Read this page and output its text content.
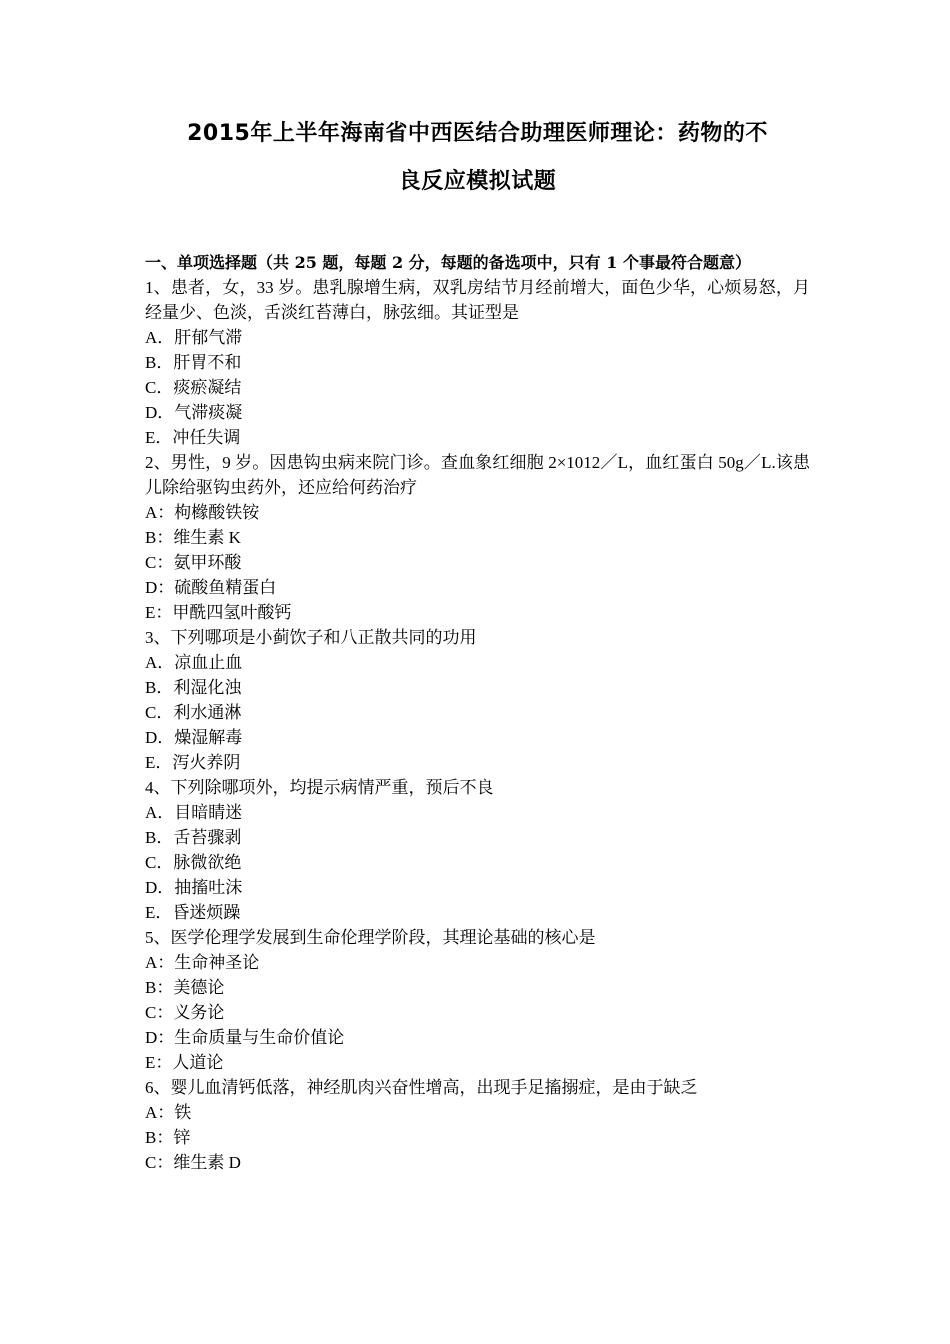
2015年上半年海南省中西医结合助理医师理论：药物的不
良反应模拟试题

一、单项选择题（共 25 题，每题 2 分，每题的备选项中，只有 1 个事最符合题意）

1、患者，女，33 岁。患乳腺增生病，双乳房结节月经前增大，面色少华，心烦易怒，月经量少、色淡，舌淡红苔薄白，脉弦细。其证型是

A．肝郁气滞

B．肝胃不和

C．痰瘀凝结

D．气滞痰凝

E．冲任失调

2、男性，9 岁。因患钩虫病来院门诊。查血象红细胞 2×1012／L，血红蛋白 50g／L.该患儿除给驱钩虫药外，还应给何药治疗

A：枸橼酸铁铵

B：维生素 K

C：氨甲环酸

D：硫酸鱼精蛋白

E：甲酰四氢叶酸钙

3、下列哪项是小蓟饮子和八正散共同的功用

A．凉血止血

B．利湿化浊

C．利水通淋

D．燥湿解毒

E．泻火养阴

4、下列除哪项外，均提示病情严重，预后不良

A．目暗睛迷

B．舌苔骤剥

C．脉微欲绝

D．抽搐吐沫

E．昏迷烦躁

5、医学伦理学发展到生命伦理学阶段，其理论基础的核心是

A：生命神圣论

B：美德论

C：义务论

D：生命质量与生命价值论

E：人道论

6、婴儿血清钙低落，神经肌肉兴奋性增高，出现手足搐搦症，是由于缺乏

A：铁

B：锌

C：维生素 D
